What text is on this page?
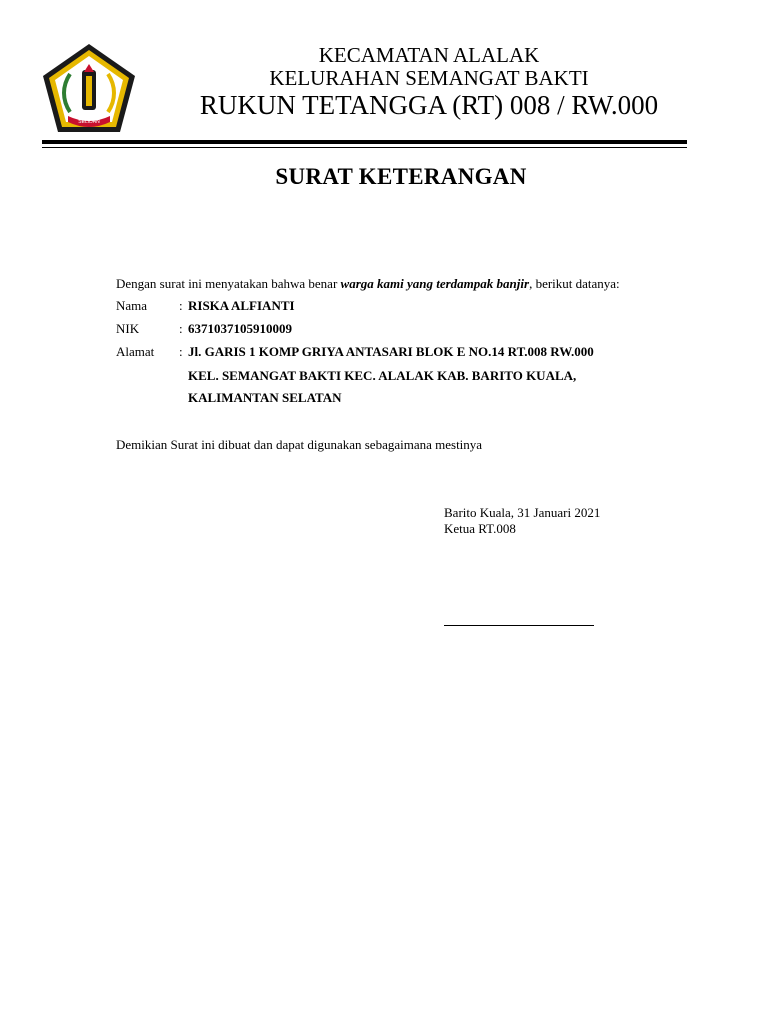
SELIDAN
KECAMATAN ALALAK
KELURAHAN SEMANGAT BAKTI
RUKUN TETANGGA (RT) 008 / RW.000
SURAT KETERANGAN
Dengan surat ini menyatakan bahwa benar warga kami yang terdampak banjir, berikut datanya:
Nama : RISKA ALFIANTI
NIK	: 6371037105910009
Alamat : Jl. GARIS 1 KOMP GRIYA ANTASARI BLOK E NO.14 RT.008 RW.000
KEL. SEMANGAT BAKTI KEC. ALALAK KAB. BARITO KUALA,
KALIMANTAN SELATAN
Demikian Surat ini dibuat dan dapat digunakan sebagaimana mestinya
Barito Kuala, 31 Januari 2021
Ketua RT.008
